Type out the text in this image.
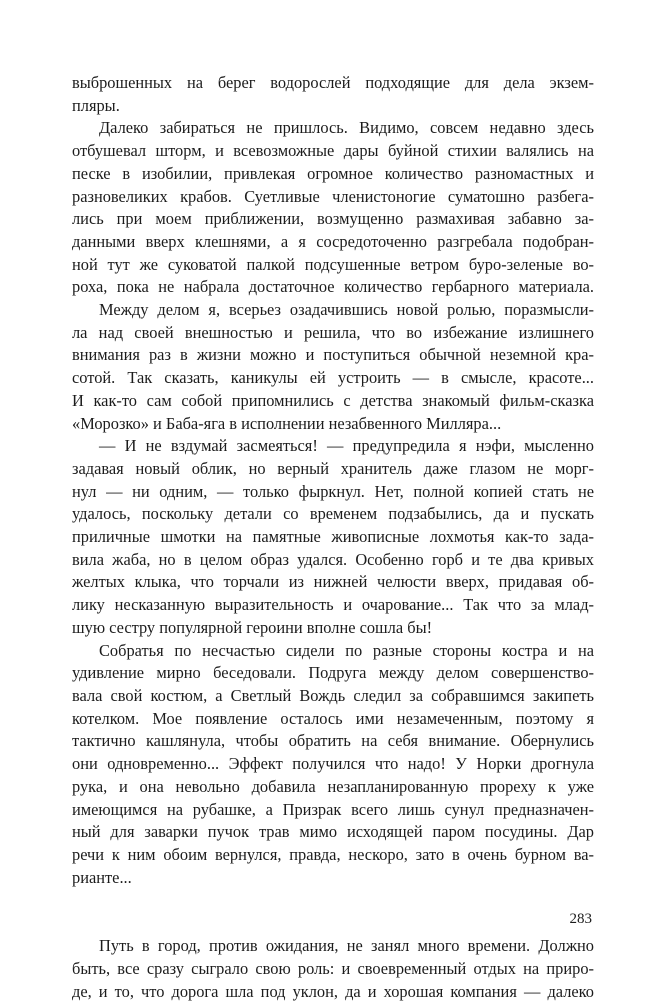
выброшенных на берег водорослей подходящие для дела экзем-
пляры.

Далеко забираться не пришлось. Видимо, совсем недавно здесь
отбушевал шторм, и всевозможные дары буйной стихии валялись на
песке в изобилии, привлекая огромное количество разномастных и
разновеликих крабов. Суетливые членистоногие суматошно разбега-
лись при моем приближении, возмущенно размахивая забавно за-
данными вверх клешнями, а я сосредоточенно разгребала подобран-
ной тут же суковатой палкой подсушенные ветром буро-зеленые во-
роха, пока не набрала достаточное количество гербарного материала.

Между делом я, всерьез озадачившись новой ролью, поразмысли-
ла над своей внешностью и решила, что во избежание излишнего
внимания раз в жизни можно и поступиться обычной неземной кра-
сотой. Так сказать, каникулы ей устроить — в смысле, красоте...
И как-то сам собой припомнились с детства знакомый фильм-сказка
«Морозко» и Баба-яга в исполнении незабвенного Милляра...

— И не вздумай засмеяться! — предупредила я нэфи, мысленно
задавая новый облик, но верный хранитель даже глазом не морг-
нул — ни одним, — только фыркнул. Нет, полной копией стать не
удалось, поскольку детали со временем подзабылись, да и пускать
приличные шмотки на памятные живописные лохмотья как-то зада-
вила жаба, но в целом образ удался. Особенно горб и те два кривых
желтых клыка, что торчали из нижней челюсти вверх, придавая об-
лику несказанную выразительность и очарование... Так что за млад-
шую сестру популярной героини вполне сошла бы!

Собратья по несчастью сидели по разные стороны костра и на
удивление мирно беседовали. Подруга между делом совершенство-
вала свой костюм, а Светлый Вождь следил за собравшимся закипеть
котелком. Мое появление осталось ими незамеченным, поэтому я
тактично кашлянула, чтобы обратить на себя внимание. Обернулись
они одновременно... Эффект получился что надо! У Норки дрогнула
рука, и она невольно добавила незапланированную прореху к уже
имеющимся на рубашке, а Призрак всего лишь сунул предназначен-
ный для заварки пучок трав мимо исходящей паром посудины. Дар
речи к ним обоим вернулся, правда, нескоро, зато в очень бурном ва-
рианте...

Путь в город, против ожидания, не занял много времени. Должно
быть, все сразу сыграло свою роль: и своевременный отдых на приро-
де, и то, что дорога шла под уклон, да и хорошая компания — далеко

283
